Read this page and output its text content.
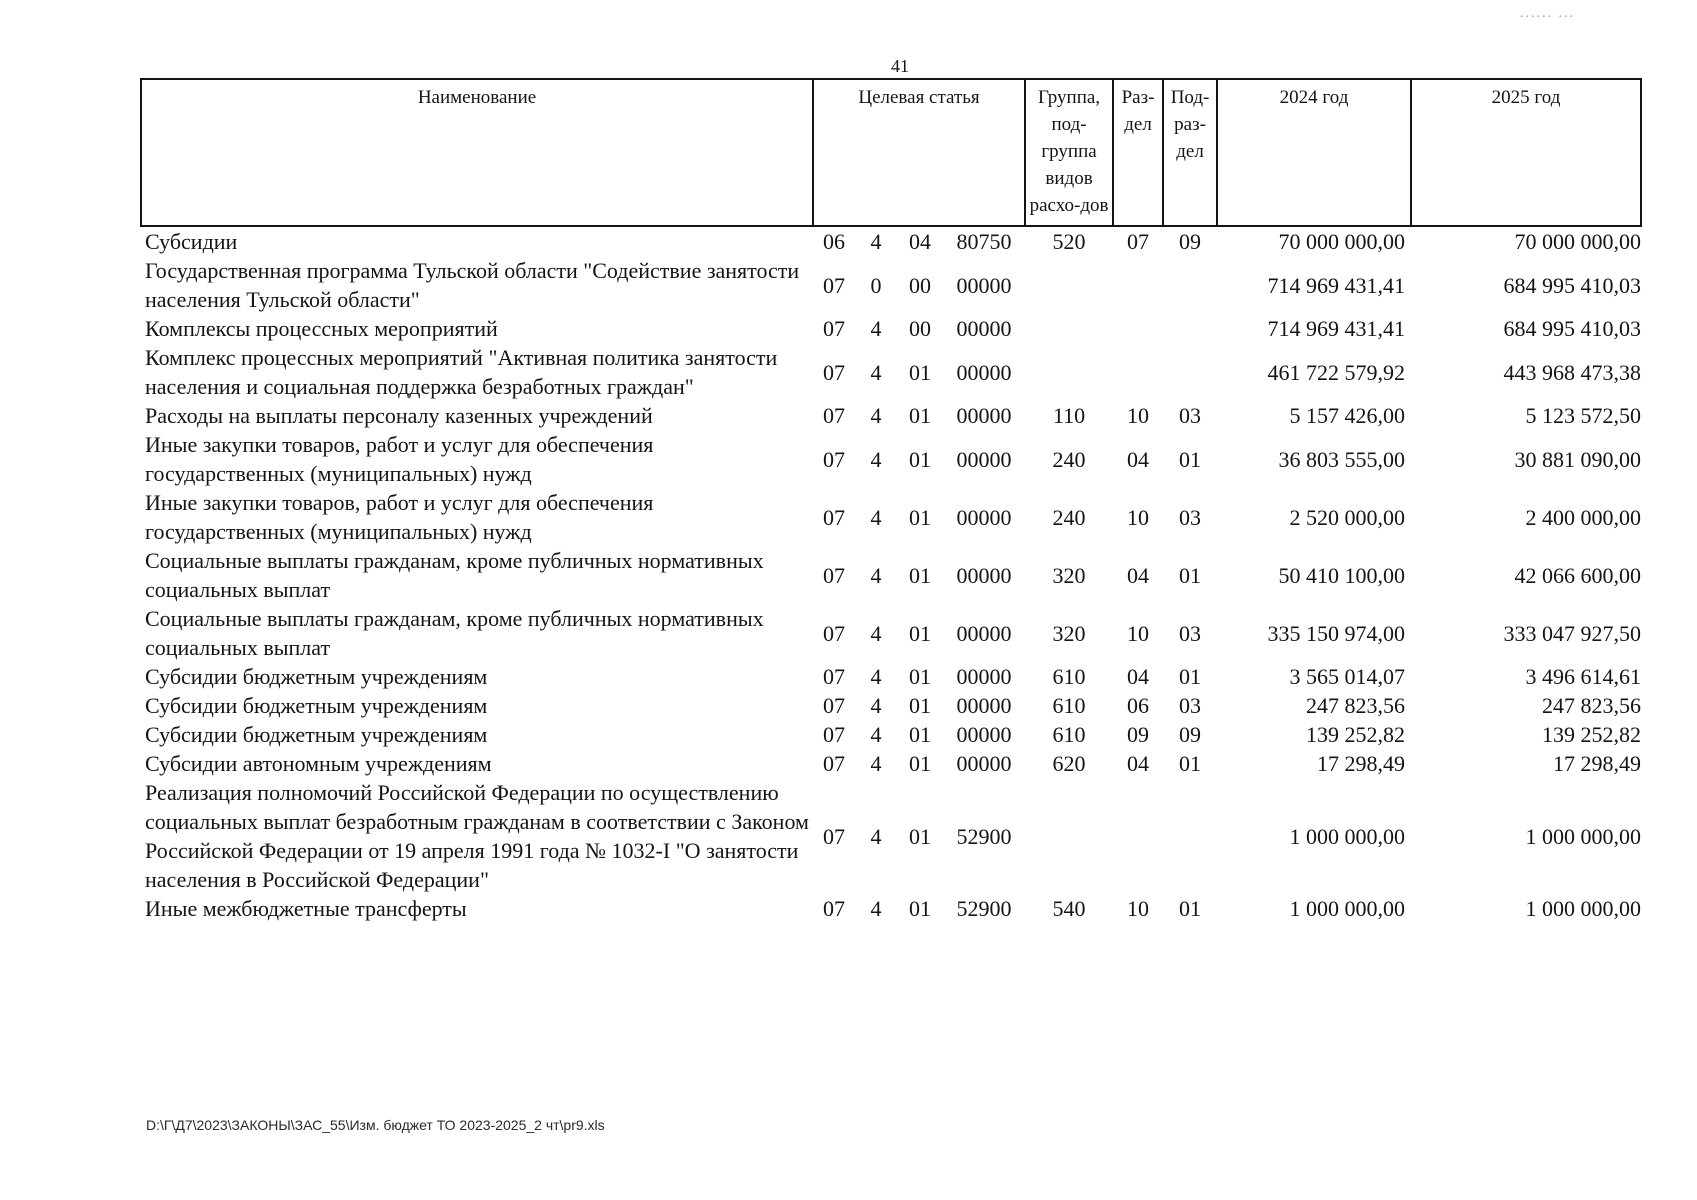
...... ...
41
Наименование	Целевая статья				Группа, под-группа видов расхо-дов	Раз-дел	Под-раз-дел	2024 год	2025 год
Субсидии	06	4	04	80750	520	07	09	70 000 000,00	70 000 000,00
Государственная программа Тульской области "Содействие занятости населения Тульской области"	07	0	00	00000				714 969 431,41	684 995 410,03
Комплексы процессных мероприятий	07	4	00	00000				714 969 431,41	684 995 410,03
Комплекс процессных мероприятий "Активная политика занятости населения и социальная поддержка безработных граждан"	07	4	01	00000				461 722 579,92	443 968 473,38
Расходы на выплаты персоналу казенных учреждений	07	4	01	00000	110	10	03	5 157 426,00	5 123 572,50
Иные закупки товаров, работ и услуг для обеспечения государственных (муниципальных) нужд	07	4	01	00000	240	04	01	36 803 555,00	30 881 090,00
Иные закупки товаров, работ и услуг для обеспечения государственных (муниципальных) нужд	07	4	01	00000	240	10	03	2 520 000,00	2 400 000,00
Социальные выплаты гражданам, кроме публичных нормативных социальных выплат	07	4	01	00000	320	04	01	50 410 100,00	42 066 600,00
Социальные выплаты гражданам, кроме публичных нормативных социальных выплат	07	4	01	00000	320	10	03	335 150 974,00	333 047 927,50
Субсидии бюджетным учреждениям	07	4	01	00000	610	04	01	3 565 014,07	3 496 614,61
Субсидии бюджетным учреждениям	07	4	01	00000	610	06	03	247 823,56	247 823,56
Субсидии бюджетным учреждениям	07	4	01	00000	610	09	09	139 252,82	139 252,82
Субсидии автономным учреждениям	07	4	01	00000	620	04	01	17 298,49	17 298,49
Реализация полномочий Российской Федерации по осуществлению социальных выплат безработным гражданам в соответствии с Законом Российской Федерации от 19 апреля 1991 года № 1032-I "О занятости населения в Российской Федерации"	07	4	01	52900				1 000 000,00	1 000 000,00
Иные межбюджетные трансферты	07	4	01	52900	540	10	01	1 000 000,00	1 000 000,00
D:\Г\Д7\2023\ЗАКОНЫ\ЗАС_55\Изм. бюджет ТО 2023-2025_2 чт\pr9.xls
